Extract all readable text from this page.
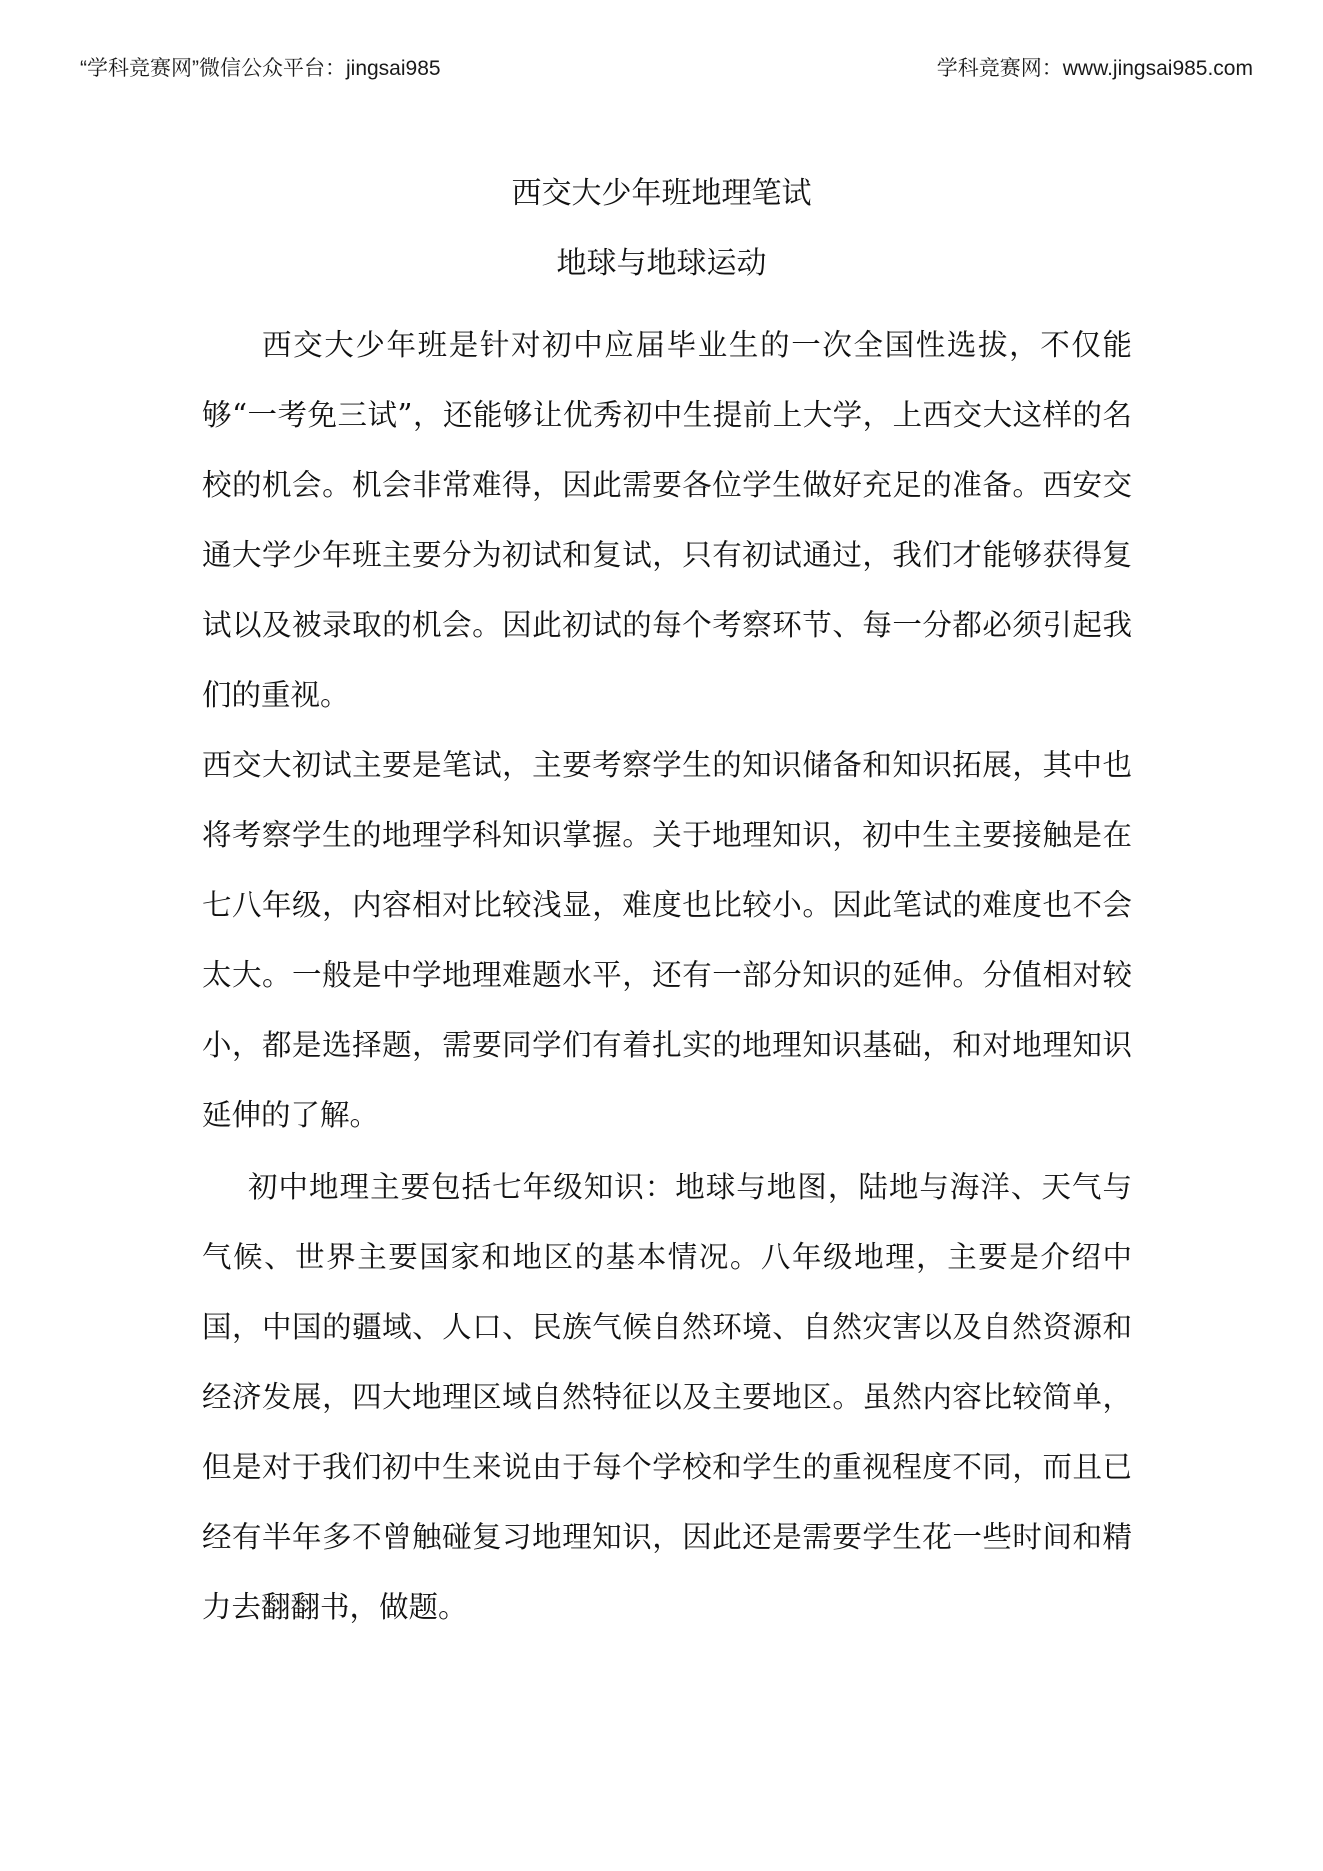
“学科竞赛网”微信公众平台：jingsai985	学科竞赛网：www.jingsai985.com
西交大少年班地理笔试
地球与地球运动

西交大少年班是针对初中应届毕业生的一次全国性选拔，不仅能够“一考免三试”，还能够让优秀初中生提前上大学，上西交大这样的名校的机会。机会非常难得，因此需要各位学生做好充足的准备。西安交通大学少年班主要分为初试和复试，只有初试通过，我们才能够获得复试以及被录取的机会。因此初试的每个考察环节、每一分都必须引起我们的重视。

西交大初试主要是笔试，主要考察学生的知识储备和知识拓展，其中也将考察学生的地理学科知识掌握。关于地理知识，初中生主要接触是在七八年级，内容相对比较浅显，难度也比较小。因此笔试的难度也不会太大。一般是中学地理难题水平，还有一部分知识的延伸。分值相对较小，都是选择题，需要同学们有着扎实的地理知识基础，和对地理知识延伸的了解。

初中地理主要包括七年级知识：地球与地图，陆地与海洋、天气与气候、世界主要国家和地区的基本情况。八年级地理，主要是介绍中国，中国的疆域、人口、民族气候自然环境、自然灾害以及自然资源和经济发展，四大地理区域自然特征以及主要地区。虽然内容比较简单，但是对于我们初中生来说由于每个学校和学生的重视程度不同，而且已经有半年多不曾触碰复习地理知识，因此还是需要学生花一些时间和精力去翻翻书，做题。
